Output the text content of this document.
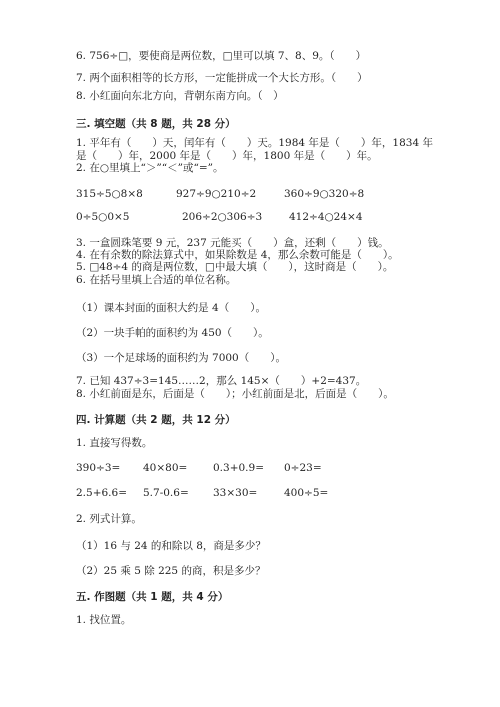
6. 756÷□，要使商是两位数，□里可以填 7、8、9。（　　）
7. 两个面积相等的长方形，一定能拼成一个大长方形。（　　）
8. 小红面向东北方向，背朝东南方向。（　）
三. 填空题（共 8 题，共 28 分）
1. 平年有（　　）天，闰年有（　　）天。1984 年是（　　）年，1834 年
是（　　）年，2000 年是（　　）年，1800 年是（　　）年。
2. 在○里填上“＞”“＜”或“=”。
315÷5○8×8	927÷9○210÷2	360÷9○320÷8
0÷5○0×5	206÷2○306÷3	412÷4○24×4
3. 一盒圆珠笔要 9 元，237 元能买（　　）盒，还剩（　　）钱。
4. 在有余数的除法算式中，如果除数是 4，那么余数可能是（　　）。
5. □48÷4 的商是两位数，□中最大填（　　），这时商是（　　）。
6. 在括号里填上合适的单位名称。
（1）课本封面的面积大约是 4（　　）。
（2）一块手帕的面积约为 450（　　）。
（3）一个足球场的面积约为 7000（　　）。
7. 已知 437÷3=145……2，那么 145×（　　）+2=437。
8. 小红前面是东，后面是（　　）；小红前面是北，后面是（　　）。
四. 计算题（共 2 题，共 12 分）
1. 直接写得数。
390÷3= 40×80= 0.3+0.9= 0÷23=
2.5+6.6= 5.7-0.6= 33×30=	400÷5=
2. 列式计算。
（1）16 与 24 的和除以 8，商是多少？
（2）25 乘 5 除 225 的商，积是多少？
五. 作图题（共 1 题，共 4 分）
1. 找位置。
